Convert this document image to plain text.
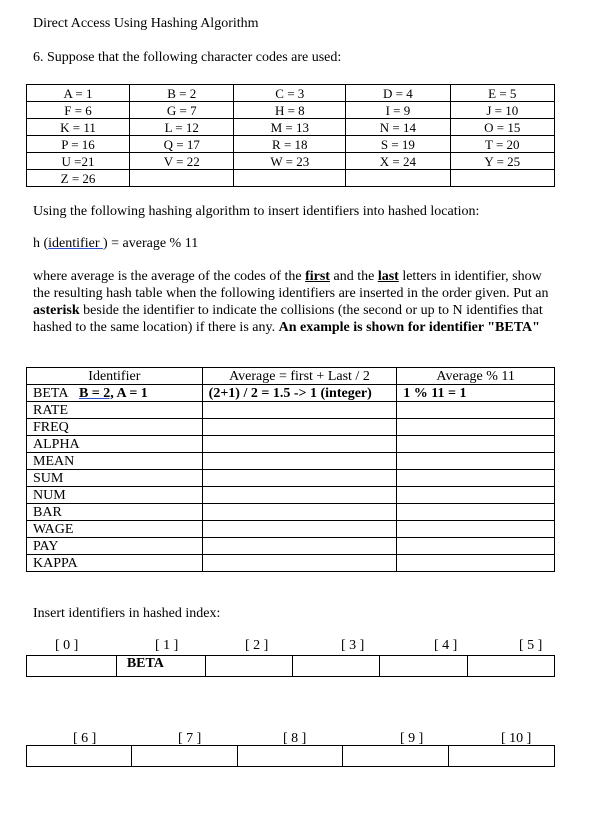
Direct Access Using Hashing Algorithm
6. Suppose that the following character codes are used:
A = 1	B = 2	C = 3	D = 4	E = 5
F = 6	G = 7	H = 8	I = 9	J = 10
K = 11	L = 12	M = 13	N = 14	O = 15
P = 16	Q = 17	R = 18	S = 19	T = 20
U =21	V = 22	W = 23	X = 24	Y = 25
Z = 26				
Using the following hashing algorithm to insert identifiers into hashed location:
h (identifier ) = average % 11
where average is the average of the codes of the first and the last letters in identifier, show the resulting hash table when the following identifiers are inserted in the order given. Put an asterisk beside the identifier to indicate the collisions (the second or up to N identifies that hashed to the same location) if there is any. An example is shown for identifier "BETA"
Identifier	Average = first + Last / 2	Average % 11
BETA B = 2, A = 1	(2+1) / 2 = 1.5 -> 1 (integer)	1 % 11 = 1
RATE		
FREQ		
ALPHA		
MEAN		
SUM		
NUM		
BAR		
WAGE		
PAY		
KAPPA		
Insert identifiers in hashed index:
[ 0 ]	[ 1 ]	[ 2 ]	[ 3 ]	[ 4 ]	[ 5 ]
	BETA				
[ 6 ]	[ 7 ]	[ 8 ]	[ 9 ]	[ 10 ]
